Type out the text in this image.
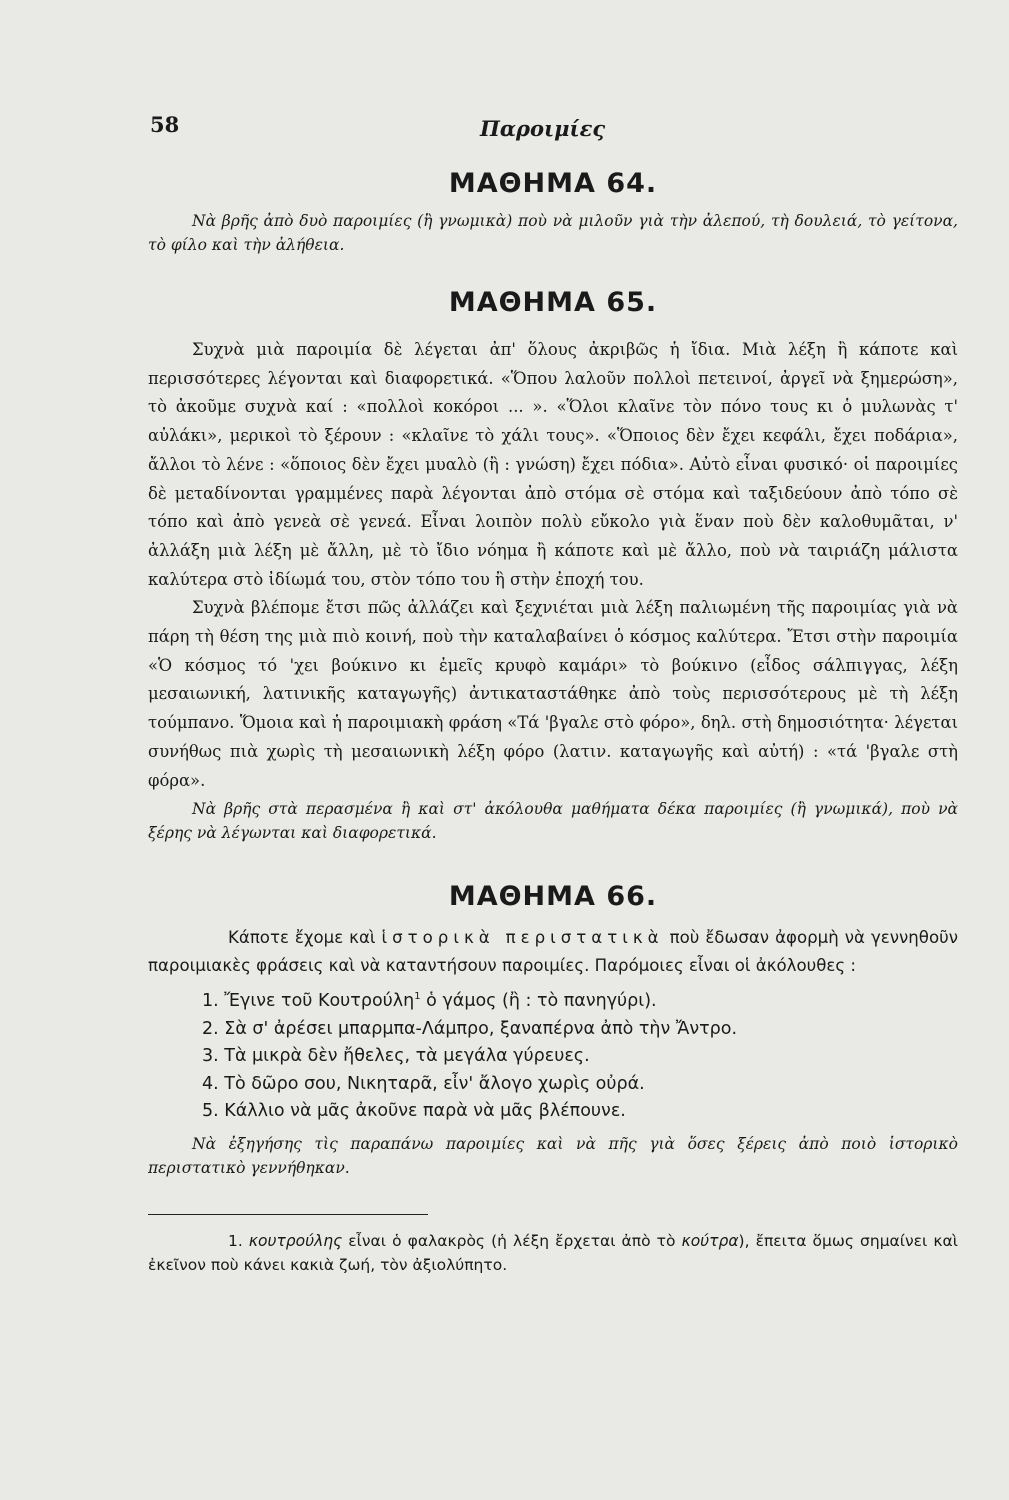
58	Παροιμίες
ΜΑΘΗΜΑ 64.

Νὰ βρῆς ἀπὸ δυὸ παροιμίες (ἢ γνωμικὰ) ποὺ νὰ μιλοῦν γιὰ τὴν ἀλεπού, τὴ δουλειά, τὸ γείτονα, τὸ φίλο καὶ τὴν ἀλήθεια.

ΜΑΘΗΜΑ 65.

Συχνὰ μιὰ παροιμία δὲ λέγεται ἀπ' ὅλους ἀκριβῶς ἡ ἴδια. Μιὰ λέξη ἢ κάποτε καὶ περισσότερες λέγονται καὶ διαφορετικά. «Ὅπου λαλοῦν πολλοὶ πετεινοί, ἀργεῖ νὰ ξημερώση», τὸ ἀκοῦμε συχνὰ καί : «πολλοὶ κοκόροι ... ». «Ὅλοι κλαῖνε τὸν πόνο τους κι ὁ μυλωνὰς τ' αὐλάκι», μερικοὶ τὸ ξέρουν : «κλαῖνε τὸ χάλι τους». «Ὅποιος δὲν ἔχει κεφάλι, ἔχει ποδάρια», ἄλλοι τὸ λένε : «ὅποιος δὲν ἔχει μυαλὸ (ἢ : γνώση) ἔχει πόδια». Αὐτὸ εἶναι φυσικό· οἱ παροιμίες δὲ μεταδίνονται γραμμένες παρὰ λέγονται ἀπὸ στόμα σὲ στόμα καὶ ταξιδεύουν ἀπὸ τόπο σὲ τόπο καὶ ἀπὸ γενεὰ σὲ γενεά. Εἶναι λοιπὸν πολὺ εὔκολο γιὰ ἕναν ποὺ δὲν καλοθυμᾶται, ν' ἀλλάξη μιὰ λέξη μὲ ἄλλη, μὲ τὸ ἴδιο νόημα ἢ κάποτε καὶ μὲ ἄλλο, ποὺ νὰ ταιριάζη μάλιστα καλύτερα στὸ ἰδίωμά του, στὸν τόπο του ἢ στὴν ἐποχή του.

Συχνὰ βλέπομε ἔτσι πῶς ἀλλάζει καὶ ξεχνιέται μιὰ λέξη παλιωμένη τῆς παροιμίας γιὰ νὰ πάρη τὴ θέση της μιὰ πιὸ κοινή, ποὺ τὴν καταλαβαίνει ὁ κόσμος καλύτερα. Ἔτσι στὴν παροιμία «Ὁ κόσμος τό 'χει βούκινο κι ἐμεῖς κρυφὸ καμάρι» τὸ βούκινο (εἶδος σάλπιγγας, λέξη μεσαιωνική, λατινικῆς καταγωγῆς) ἀντικαταστάθηκε ἀπὸ τοὺς περισσότερους μὲ τὴ λέξη τούμπανο. Ὅμοια καὶ ἡ παροιμιακὴ φράση «Τά 'βγαλε στὸ φόρο», δηλ. στὴ δημοσιότητα· λέγεται συνήθως πιὰ χωρὶς τὴ μεσαιωνικὴ λέξη φόρο (λατιν. καταγωγῆς καὶ αὐτή) : «τά 'βγαλε στὴ φόρα».

Νὰ βρῆς στὰ περασμένα ἢ καὶ στ' ἀκόλουθα μαθήματα δέκα παροιμίες (ἢ γνωμικά), ποὺ νὰ ξέρης νὰ λέγωνται καὶ διαφορετικά.

ΜΑΘΗΜΑ 66.

Κάποτε ἔχομε καὶ ἱστορικὰ περιστατικὰ ποὺ ἔδωσαν ἀφορμὴ νὰ γεννηθοῦν παροιμιακὲς φράσεις καὶ νὰ καταντήσουν παροιμίες. Παρόμοιες εἶναι οἱ ἀκόλουθες :

1. Ἔγινε τοῦ Κουτρούλη$^1$ ὁ γάμος (ἢ : τὸ πανηγύρι).
2. Σὰ σ' ἀρέσει μπαρμπα-Λάμπρο, ξαναπέρνα ἀπὸ τὴν Ἄντρο.
3. Τὰ μικρὰ δὲν ἤθελες, τὰ μεγάλα γύρευες.
4. Τὸ δῶρο σου, Νικηταρᾶ, εἶν' ἄλογο χωρὶς οὐρά.
5. Κάλλιο νὰ μᾶς ἀκοῦνε παρὰ νὰ μᾶς βλέπουνε.

Νὰ ἐξηγήσης τὶς παραπάνω παροιμίες καὶ νὰ πῆς γιὰ ὅσες ξέρεις ἀπὸ ποιὸ ἱστορικὸ περιστατικὸ γεννήθηκαν.

1. κουτρούλης εἶναι ὁ φαλακρὸς (ἡ λέξη ἔρχεται ἀπὸ τὸ κούτρα), ἔπειτα ὅμως σημαίνει καὶ ἐκεῖνον ποὺ κάνει κακιὰ ζωή, τὸν ἀξιολύπητο.
